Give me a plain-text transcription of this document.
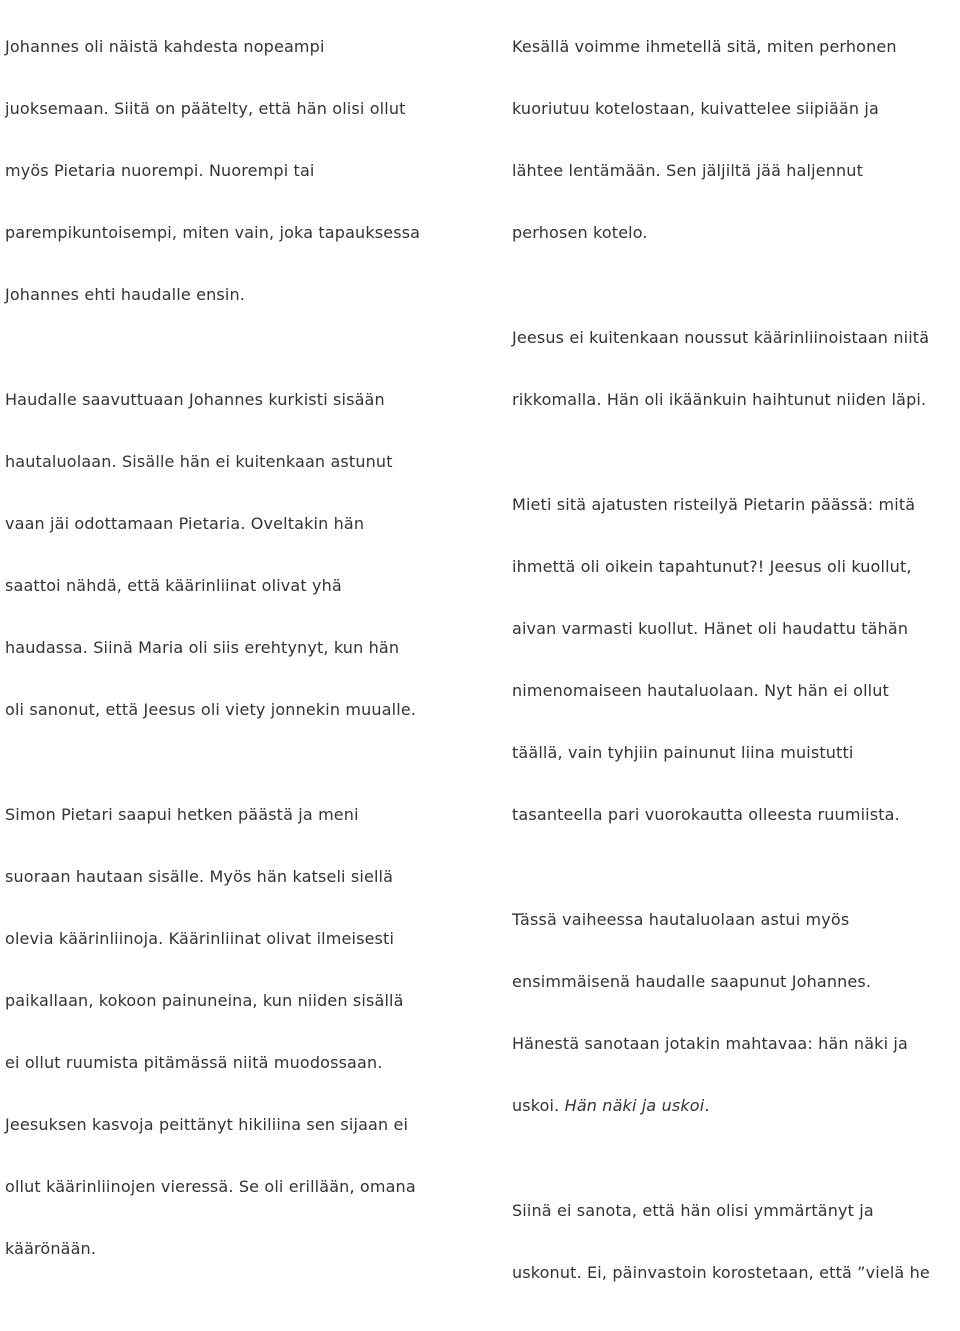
Johannes oli näistä kahdesta nopeampi

juoksemaan. Siitä on päätelty, että hän olisi ollut

myös Pietaria nuorempi. Nuorempi tai

parempikuntoisempi, miten vain, joka tapauksessa

Johannes ehti haudalle ensin.

Haudalle saavuttuaan Johannes kurkisti sisään

hautaluolaan. Sisälle hän ei kuitenkaan astunut

vaan jäi odottamaan Pietaria. Oveltakin hän

saattoi nähdä, että käärinliinat olivat yhä

haudassa. Siinä Maria oli siis erehtynyt, kun hän

oli sanonut, että Jeesus oli viety jonnekin muualle.

Simon Pietari saapui hetken päästä ja meni

suoraan hautaan sisälle. Myös hän katseli siellä

olevia käärinliinoja. Käärinliinat olivat ilmeisesti

paikallaan, kokoon painuneina, kun niiden sisällä

ei ollut ruumista pitämässä niitä muodossaan.

Jeesuksen kasvoja peittänyt hikiliina sen sijaan ei

ollut käärinliinojen vieressä. Se oli erillään, omana

käärönään.

Kesällä voimme ihmetellä sitä, miten perhonen

kuoriutuu kotelostaan, kuivattelee siipiään ja

lähtee lentämään. Sen jäljiltä jää haljennut

perhosen kotelo.

Jeesus ei kuitenkaan noussut käärinliinoistaan niitä

rikkomalla. Hän oli ikäänkuin haihtunut niiden läpi.

Mieti sitä ajatusten risteilyä Pietarin päässä: mitä

ihmettä oli oikein tapahtunut?! Jeesus oli kuollut,

aivan varmasti kuollut. Hänet oli haudattu tähän

nimenomaiseen hautaluolaan. Nyt hän ei ollut

täällä, vain tyhjiin painunut liina muistutti

tasanteella pari vuorokautta olleesta ruumiista.

Tässä vaiheessa hautaluolaan astui myös

ensimmäisenä haudalle saapunut Johannes.

Hänestä sanotaan jotakin mahtavaa: hän näki ja

uskoi. Hän näki ja uskoi.

Siinä ei sanota, että hän olisi ymmärtänyt ja

uskonut. Ei, päinvastoin korostetaan, että ”vielä he
